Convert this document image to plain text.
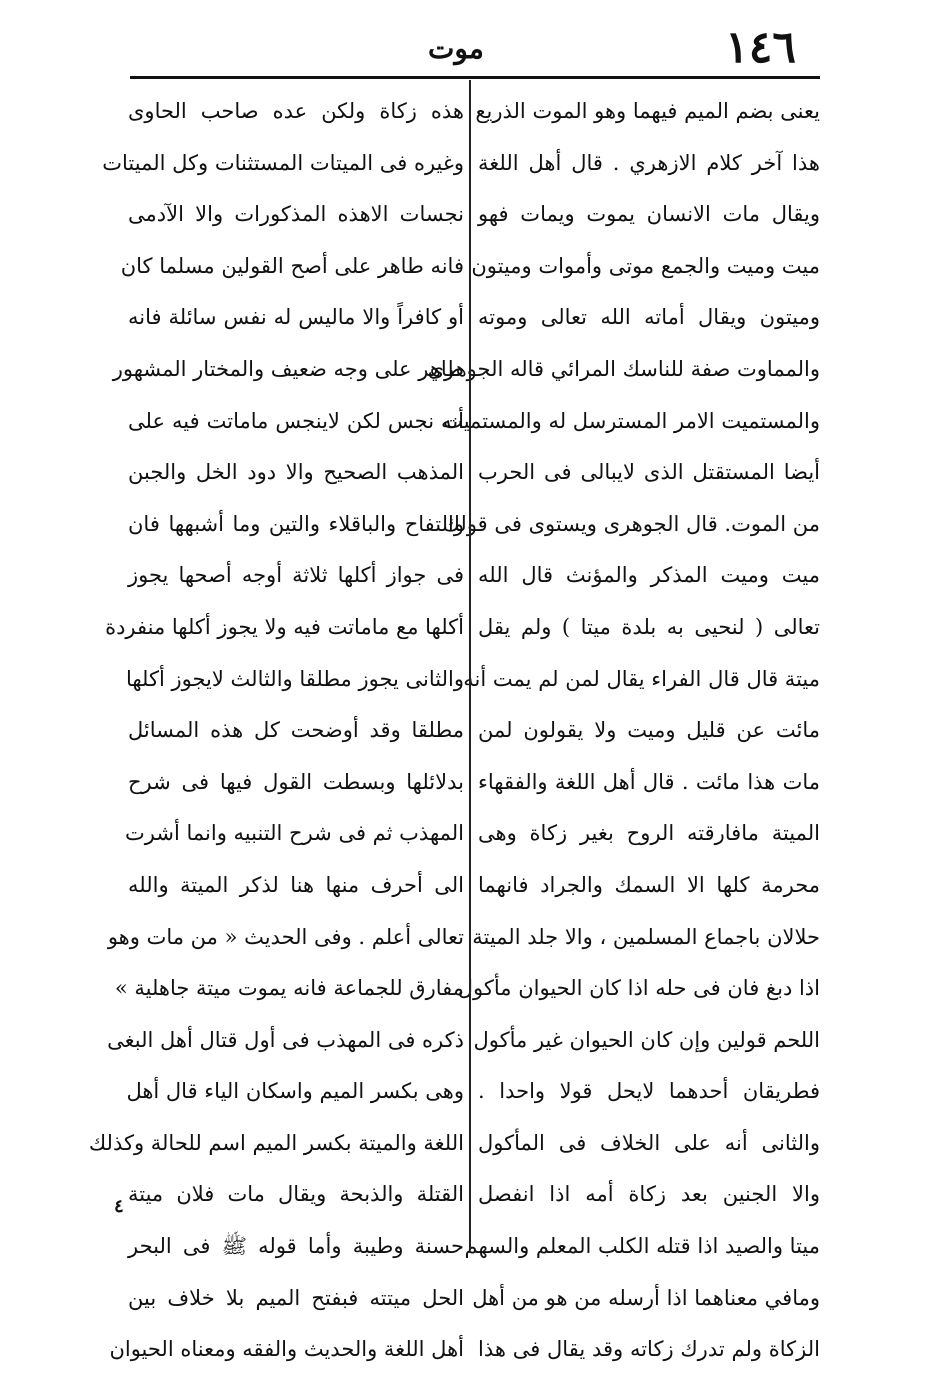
١٤٦
موت
يعنى بضم الميم فيهما وهو الموت الذريع
هذا آخر كلام الازهري . قال أهل اللغة
ويقال مات الانسان يموت ويمات فهو
ميت وميت والجمع موتى وأموات وميتون
وميتون ويقال أماته الله تعالى وموته
والمماوت صفة للناسك المرائي قاله الجوهري
والمستميت الامر المسترسل له والمستميت
أيضا المستقتل الذى لايبالى فى الحرب
من الموت. قال الجوهرى ويستوى فى قولك
ميت وميت المذكر والمؤنث قال الله
تعالى ( لنحيى به بلدة ميتا ) ولم يقل
ميتة قال قال الفراء يقال لمن لم يمت أنه
مائت عن قليل وميت ولا يقولون لمن
مات هذا مائت . قال أهل اللغة والفقهاء
الميتة مافارقته الروح بغير زكاة وهى
محرمة كلها الا السمك والجراد فانهما
حلالان باجماع المسلمين ، والا جلد الميتة
اذا دبغ فان فى حله اذا كان الحيوان مأكول
اللحم قولين وإن كان الحيوان غير مأكول
فطريقان أحدهما لايحل قولا واحدا .
والثانى أنه على الخلاف فى المأكول
والا الجنين بعد زكاة أمه اذا انفصل
ميتا والصيد اذا قتله الكلب المعلم والسهم
ومافي معناهما اذا أرسله من هو من أهل
الزكاة ولم تدرك زكاته وقد يقال فى هذا
هذه زكاة ولكن عده صاحب الحاوى
وغيره فى الميتات المستثنات وكل الميتات
نجسات الاهذه المذكورات والا الآدمى
فانه طاهر على أصح القولين مسلما كان
أو كافراً والا ماليس له نفس سائلة فانه
طاهر على وجه ضعيف والمختار المشهور
أنه نجس لكن لاينجس ماماتت فيه على
المذهب الصحيح والا دود الخل والجبن
والتفاح والباقلاء والتين وما أشبهها فان
فى جواز أكلها ثلاثة أوجه أصحها يجوز
أكلها مع ماماتت فيه ولا يجوز أكلها منفردة
والثانى يجوز مطلقا والثالث لايجوز أكلها
مطلقا وقد أوضحت كل هذه المسائل
بدلائلها وبسطت القول فيها فى شرح
المهذب ثم فى شرح التنبيه وانما أشرت
الى أحرف منها هنا لذكر الميتة والله
تعالى أعلم . وفى الحديث « من مات وهو
مفارق للجماعة فانه يموت ميتة جاهلية »
ذكره فى المهذب فى أول قتال أهل البغى
وهى بكسر الميم واسكان الياء قال أهل
اللغة والميتة بكسر الميم اسم للحالة وكذلك
القتلة والذبحة ويقال مات فلان ميتة
حسنة وطيبة وأما قوله ﷺ فى البحر
الحل ميتته فبفتح الميم بلا خلاف بين
أهل اللغة والحديث والفقه ومعناه الحيوان
٤
